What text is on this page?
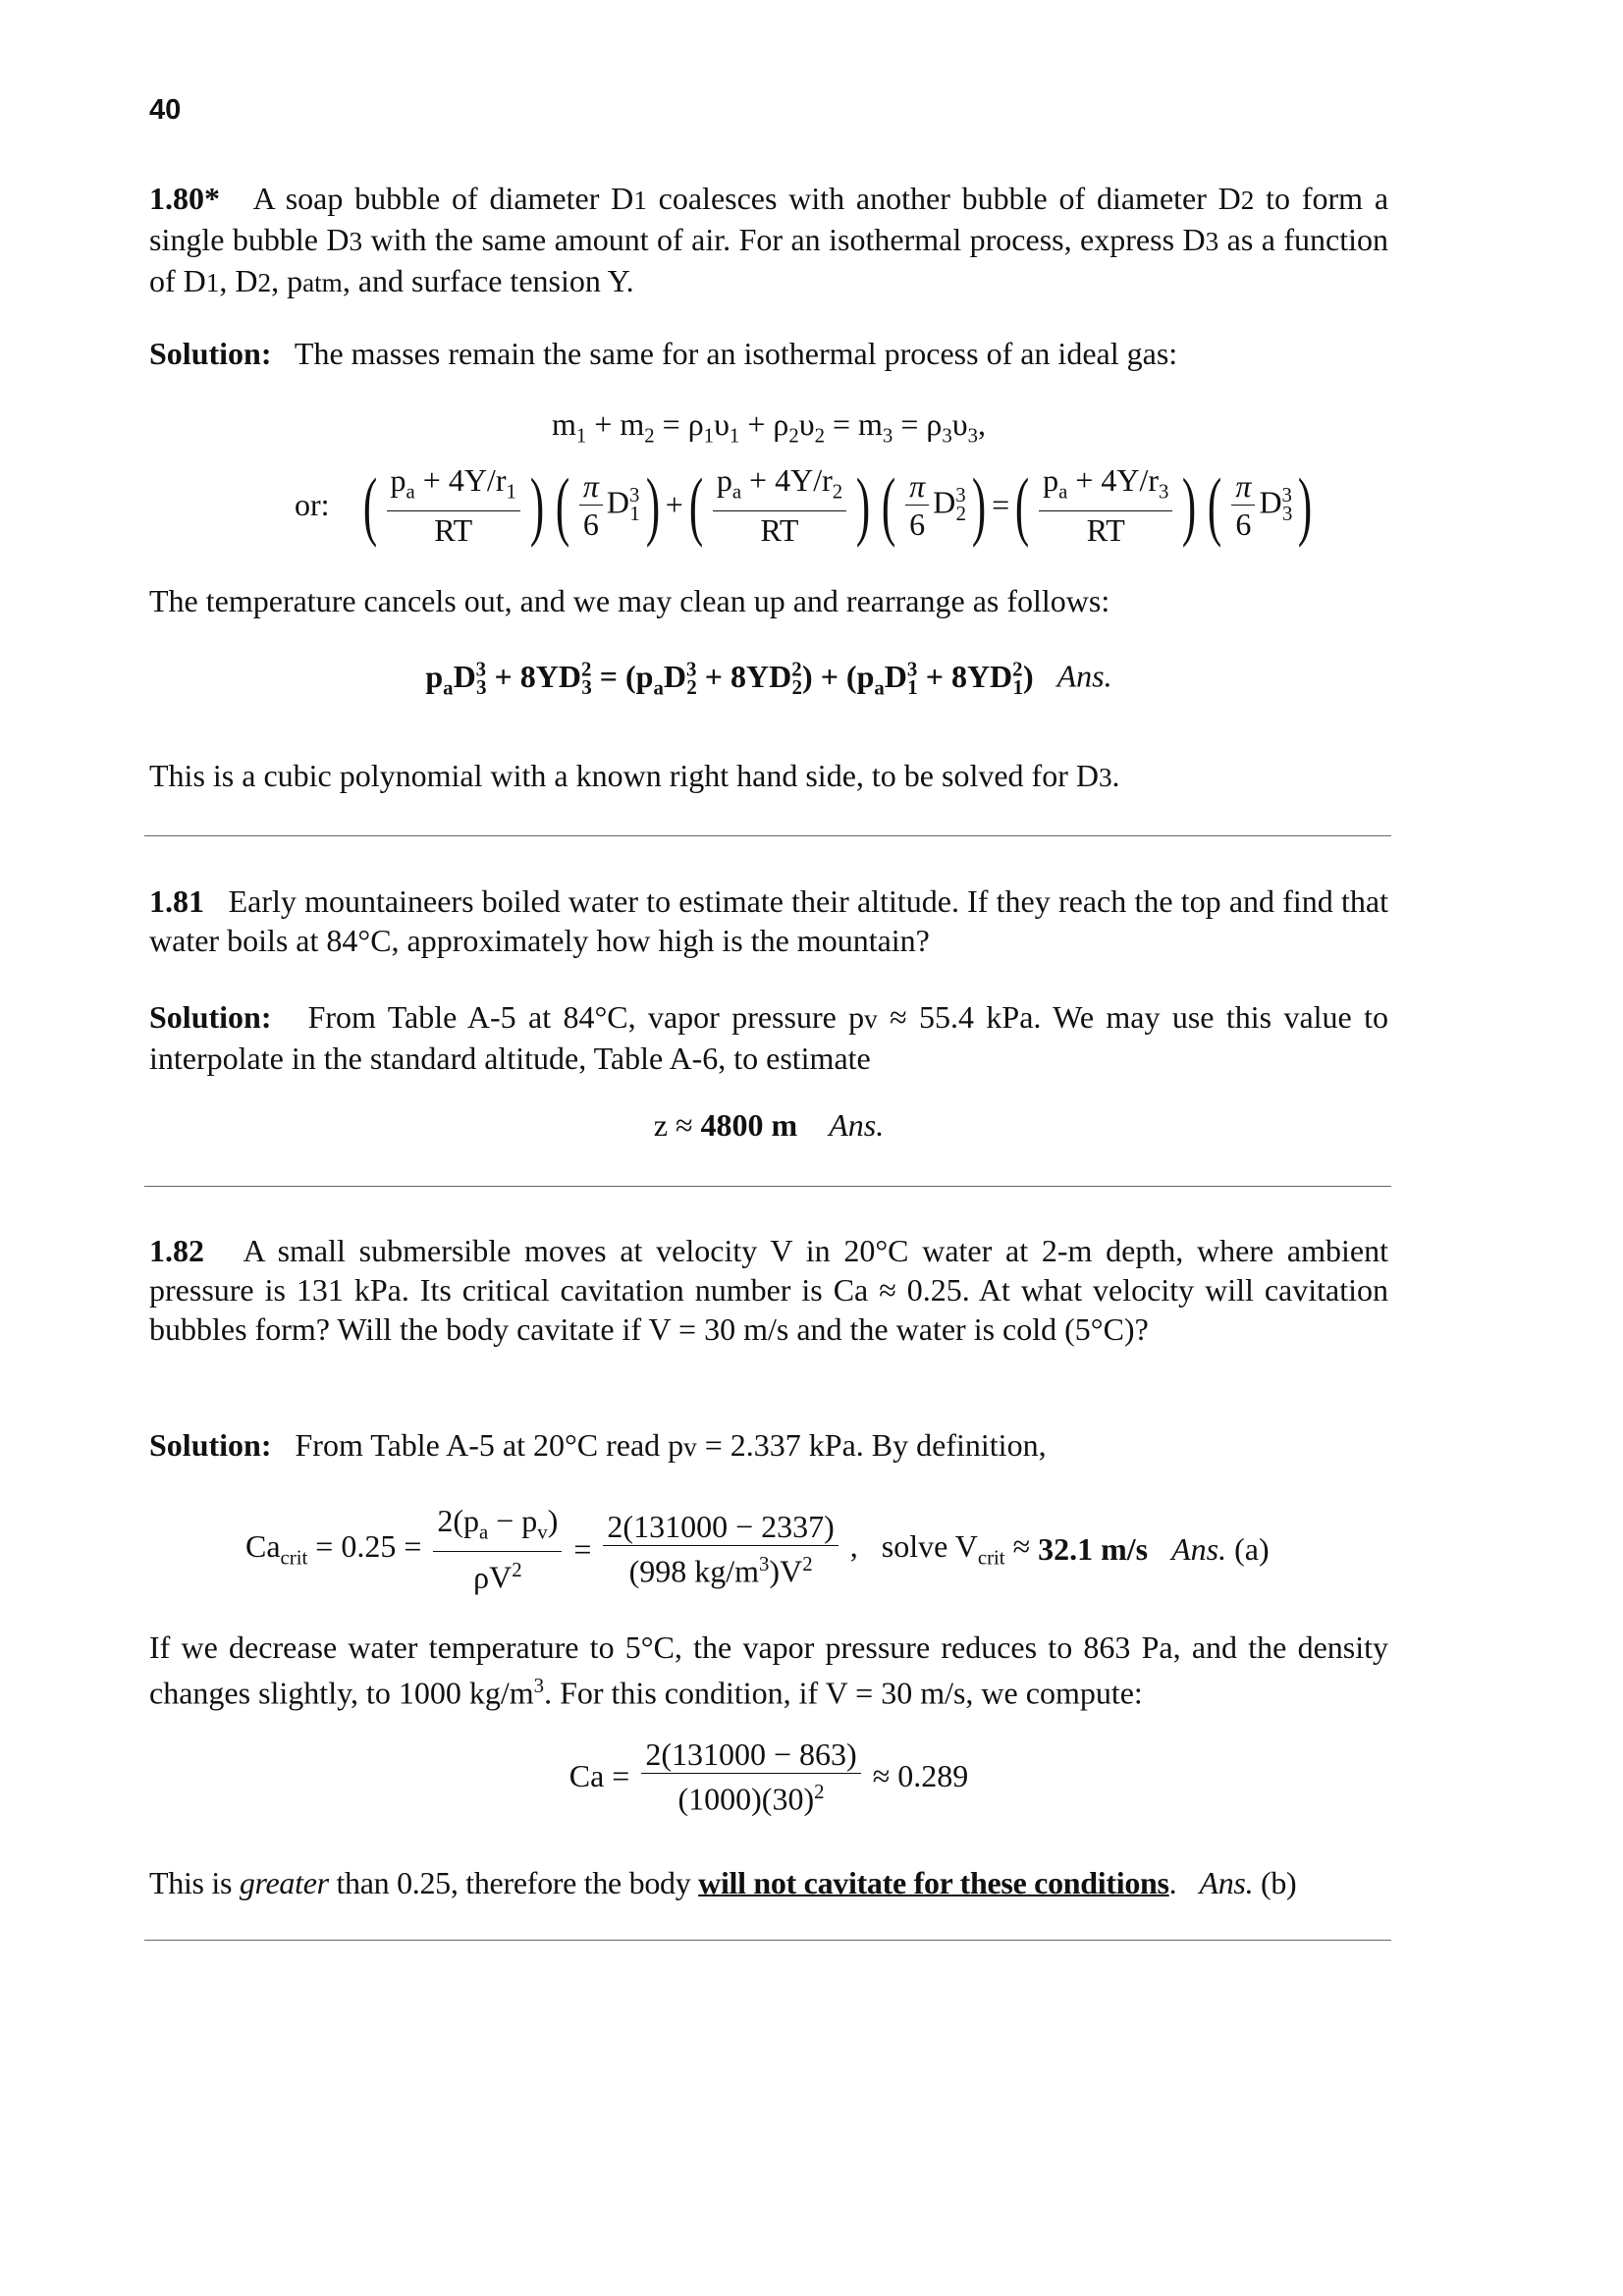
40
1.80* A soap bubble of diameter D1 coalesces with another bubble of diameter D2 to form a single bubble D3 with the same amount of air. For an isothermal process, express D3 as a function of D1, D2, patm, and surface tension Y.
Solution: The masses remain the same for an isothermal process of an ideal gas:
$m_1 + m_2 = \rho_1\upsilon_1 + \rho_2\upsilon_2 = m_3 = \rho_3\upsilon_3$,
or: ( $\frac{p_a + 4Y/r_1}{RT}$ ) ( $\frac{\pi}{6} D^3_1)+( \frac{p_a + 4Y/r_2}{RT}$ ) ( $\frac{\pi}{6} D^3_2)=( \frac{p_a + 4Y/r_3}{RT}$ ) ( $\frac{\pi}{6} D^3_3$)
The temperature cancels out, and we may clean up and rearrange as follows:
$p_aD^3_3 + 8YD^2_3 = (p_aD^3_2 + 8YD^2_2) + (p_aD^3_1 + 8YD^2_1)$ Ans.
This is a cubic polynomial with a known right hand side, to be solved for D3.
1.81 Early mountaineers boiled water to estimate their altitude. If they reach the top and find that water boils at 84°C, approximately how high is the mountain?
Solution: From Table A-5 at 84°C, vapor pressure pv ≈ 55.4 kPa. We may use this value to interpolate in the standard altitude, Table A-6, to estimate
z ≈ 4800 m Ans.
1.82 A small submersible moves at velocity V in 20°C water at 2-m depth, where ambient pressure is 131 kPa. Its critical cavitation number is Ca ≈ 0.25. At what velocity will cavitation bubbles form? Will the body cavitate if V = 30 m/s and the water is cold (5°C)?
Solution: From Table A-5 at 20°C read pv = 2.337 kPa. By definition,
$Ca_{crit} = 0.25 = \frac{2(p_a - p_v)}{\rho V^2} = \frac{2(131000 - 2337)}{(998 kg/m^3)V^2}$ ,   solve $V_{crit} \approx 32.1$ m/s Ans. (a)
If we decrease water temperature to 5°C, the vapor pressure reduces to 863 Pa, and the density changes slightly, to 1000 $kg/m^3$. For this condition, if V = 30 m/s, we compute:
$Ca = \frac{2(131000 - 863)}{(1000)(30)^2} \approx 0.289$
This is greater than 0.25, therefore the body will not cavitate for these conditions. Ans. (b)
